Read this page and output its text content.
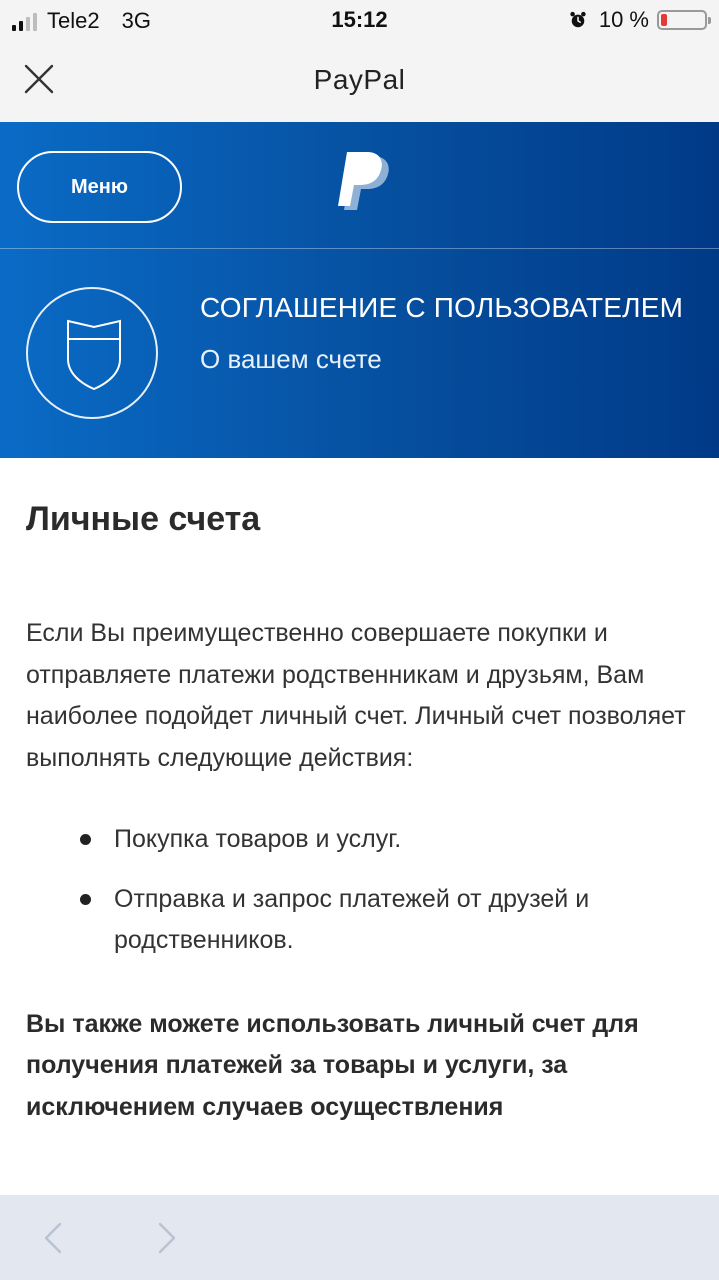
Tele2 3G	15:12	10 %
PayPal
Меню
СОГЛАШЕНИЕ С ПОЛЬЗОВАТЕЛЕМ
О вашем счете
Личные счета

Если Вы преимущественно совершаете покупки и отправляете платежи родственникам и друзьям, Вам наиболее подойдет личный счет. Личный счет позволяет выполнять следующие действия:

Покупка товаров и услуг.
Отправка и запрос платежей от друзей и родственников.

Вы также можете использовать личный счет для получения платежей за товары и услуги, за исключением случаев осуществления
